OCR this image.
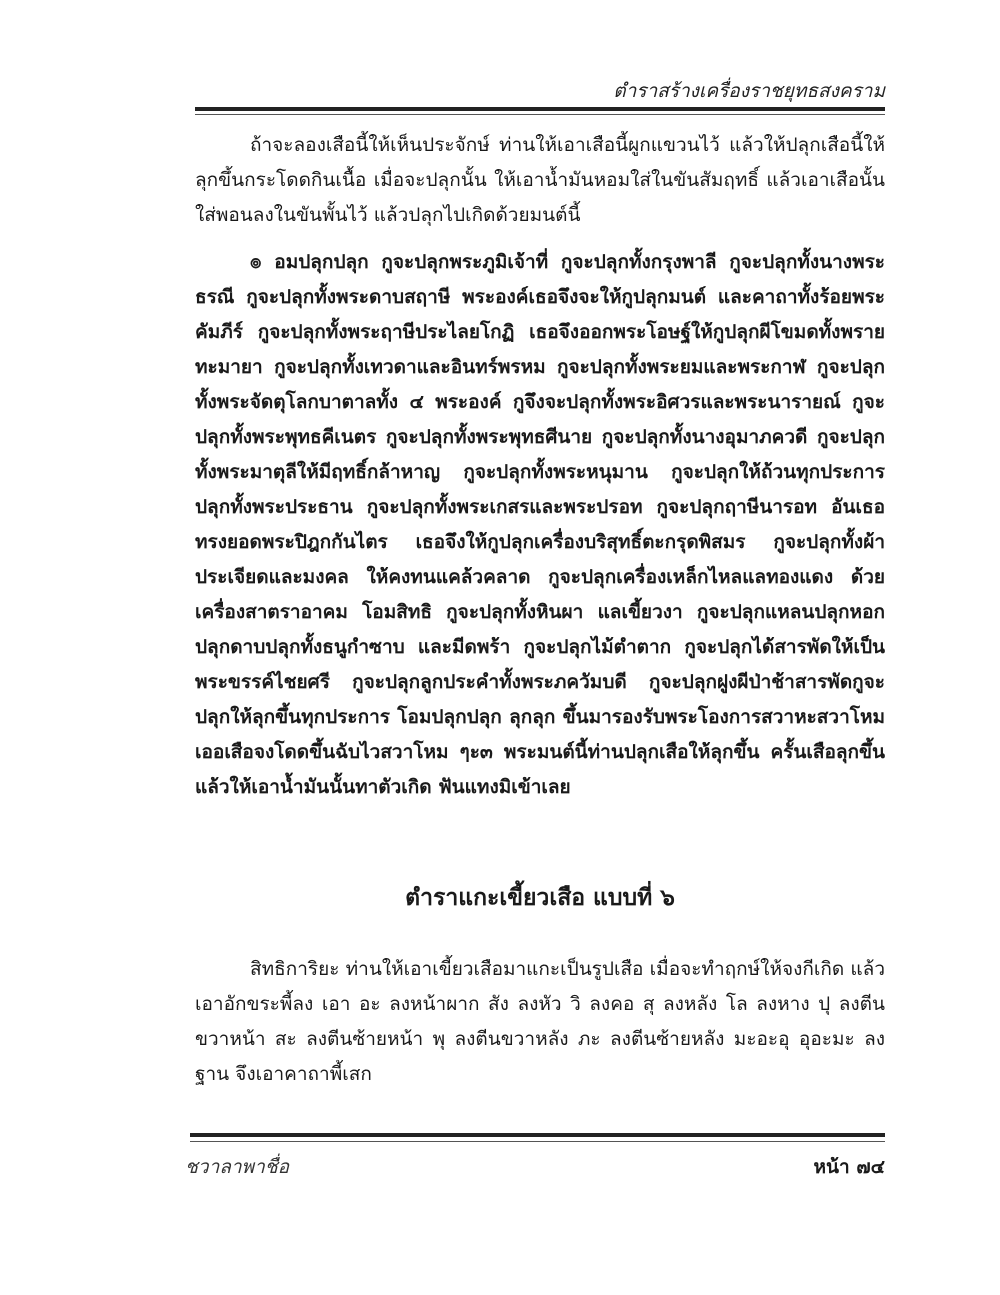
ตำราสร้างเครื่องราชยุทธสงคราม

ถ้าจะลองเสือนี้ให้เห็นประจักษ์ ท่านให้เอาเสือนี้ผูกแขวนไว้ แล้วให้ปลุกเสือนี้ให้ลุกขึ้นกระโดดกินเนื้อ เมื่อจะปลุกนั้น ให้เอาน้ำมันหอมใส่ในขันสัมฤทธิ์ แล้วเอาเสือนั้นใส่พอนลงในขันพั้นไว้ แล้วปลุกไปเกิดด้วยมนต์นี้

๏ อมปลุกปลุก กูจะปลุกพระภูมิเจ้าที่ กูจะปลุกทั้งกรุงพาลี กูจะปลุกทั้งนางพระธรณี กูจะปลุกทั้งพระดาบสฤาษี พระองค์เธอจึงจะให้กูปลุกมนต์ และคาถาทั้งร้อยพระคัมภีร์ กูจะปลุกทั้งพระฤาษีประไลยโกฏิ เธอจึงออกพระโอษฐ์ให้กูปลุกผีโขมดทั้งพรายทะมายา กูจะปลุกทั้งเทวดาและอินทร์พรหม กูจะปลุกทั้งพระยมและพระกาฬ กูจะปลุกทั้งพระจัดตุโลกบาตาลทั้ง ๔ พระองค์ กูจึงจะปลุกทั้งพระอิศวรและพระนารายณ์ กูจะปลุกทั้งพระพุทธคีเนตร กูจะปลุกทั้งพระพุทธศีนาย กูจะปลุกทั้งนางอุมาภควดี กูจะปลุกทั้งพระมาตุลีให้มีฤทธิ์กล้าหาญ กูจะปลุกทั้งพระหนุมาน กูจะปลุกให้ถ้วนทุกประการ ปลุกทั้งพระประธาน กูจะปลุกทั้งพระเกสรและพระปรอท กูจะปลุกฤาษีนารอท อันเธอทรงยอดพระปิฎกกันไตร เธอจึงให้กูปลุกเครื่องบริสุทธิ์ตะกรุดพิสมร กูจะปลุกทั้งผ้าประเจียดและมงคล ให้คงทนแคล้วคลาด กูจะปลุกเครื่องเหล็กไหลแลทองแดง ด้วยเครื่องสาตราอาคม โอมสิทธิ กูจะปลุกทั้งหินผา แลเขี้ยวงา กูจะปลุกแหลนปลุกหอก ปลุกดาบปลุกทั้งธนูกำซาบ และมีดพร้า กูจะปลุกไม้ตำตาก กูจะปลุกได้สารพัดให้เป็นพระขรรค์ไชยศรี กูจะปลุกลูกประคำทั้งพระภควัมบดี กูจะปลุกฝูงผีป่าช้าสารพัดกูจะปลุกให้ลุกขึ้นทุกประการ โอมปลุกปลุก ลุกลุก ขึ้นมารองรับพระโองการสวาหะสวาโหม เออเสือจงโดดขึ้นฉับไวสวาโหม ๆะ๓ พระมนต์นี้ท่านปลุกเสือให้ลุกขึ้น ครั้นเสือลุกขึ้นแล้วให้เอาน้ำมันนั้นทาตัวเกิด ฟันแทงมิเข้าเลย

ตำราแกะเขี้ยวเสือ แบบที่ ๖

สิทธิการิยะ ท่านให้เอาเขี้ยวเสือมาแกะเป็นรูปเสือ เมื่อจะทำฤกษ์ให้จงกีเกิด แล้วเอาอักขระพี้ลง เอา อะ ลงหน้าผาก สัง ลงหัว วิ ลงคอ สุ ลงหลัง โล ลงหาง ปุ ลงตีนขวาหน้า สะ ลงตีนซ้ายหน้า พุ ลงตีนขวาหลัง ภะ ลงตีนซ้ายหลัง มะอะอุ อุอะมะ ลงฐาน จึงเอาคาถาพี้เสก

ชวาลาพาชื่อ	หน้า ๗๔
